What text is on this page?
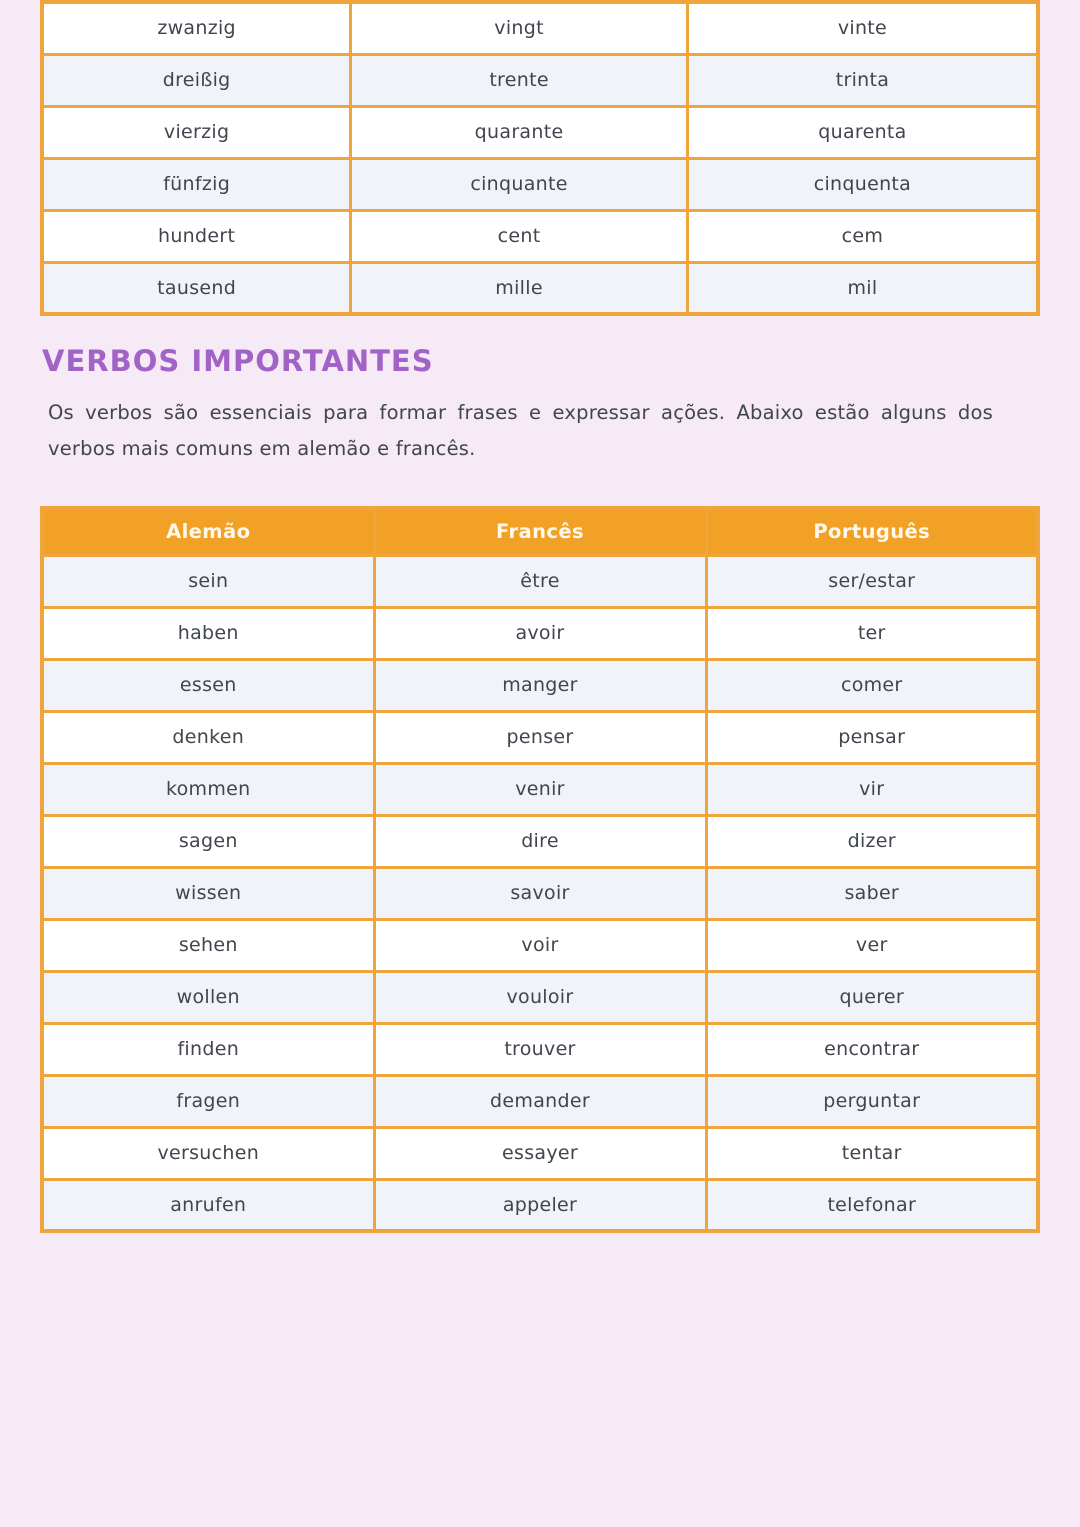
zwanzig	vingt	vinte
dreißig	trente	trinta
vierzig	quarante	quarenta
fünfzig	cinquante	cinquenta
hundert	cent	cem
tausend	mille	mil
VERBOS IMPORTANTES

Os verbos são essenciais para formar frases e expressar ações. Abaixo estão alguns dos verbos mais comuns em alemão e francês.

Alemão	Francês	Português
sein	être	ser/estar
haben	avoir	ter
essen	manger	comer
denken	penser	pensar
kommen	venir	vir
sagen	dire	dizer
wissen	savoir	saber
sehen	voir	ver
wollen	vouloir	querer
finden	trouver	encontrar
fragen	demander	perguntar
versuchen	essayer	tentar
anrufen	appeler	telefonar
